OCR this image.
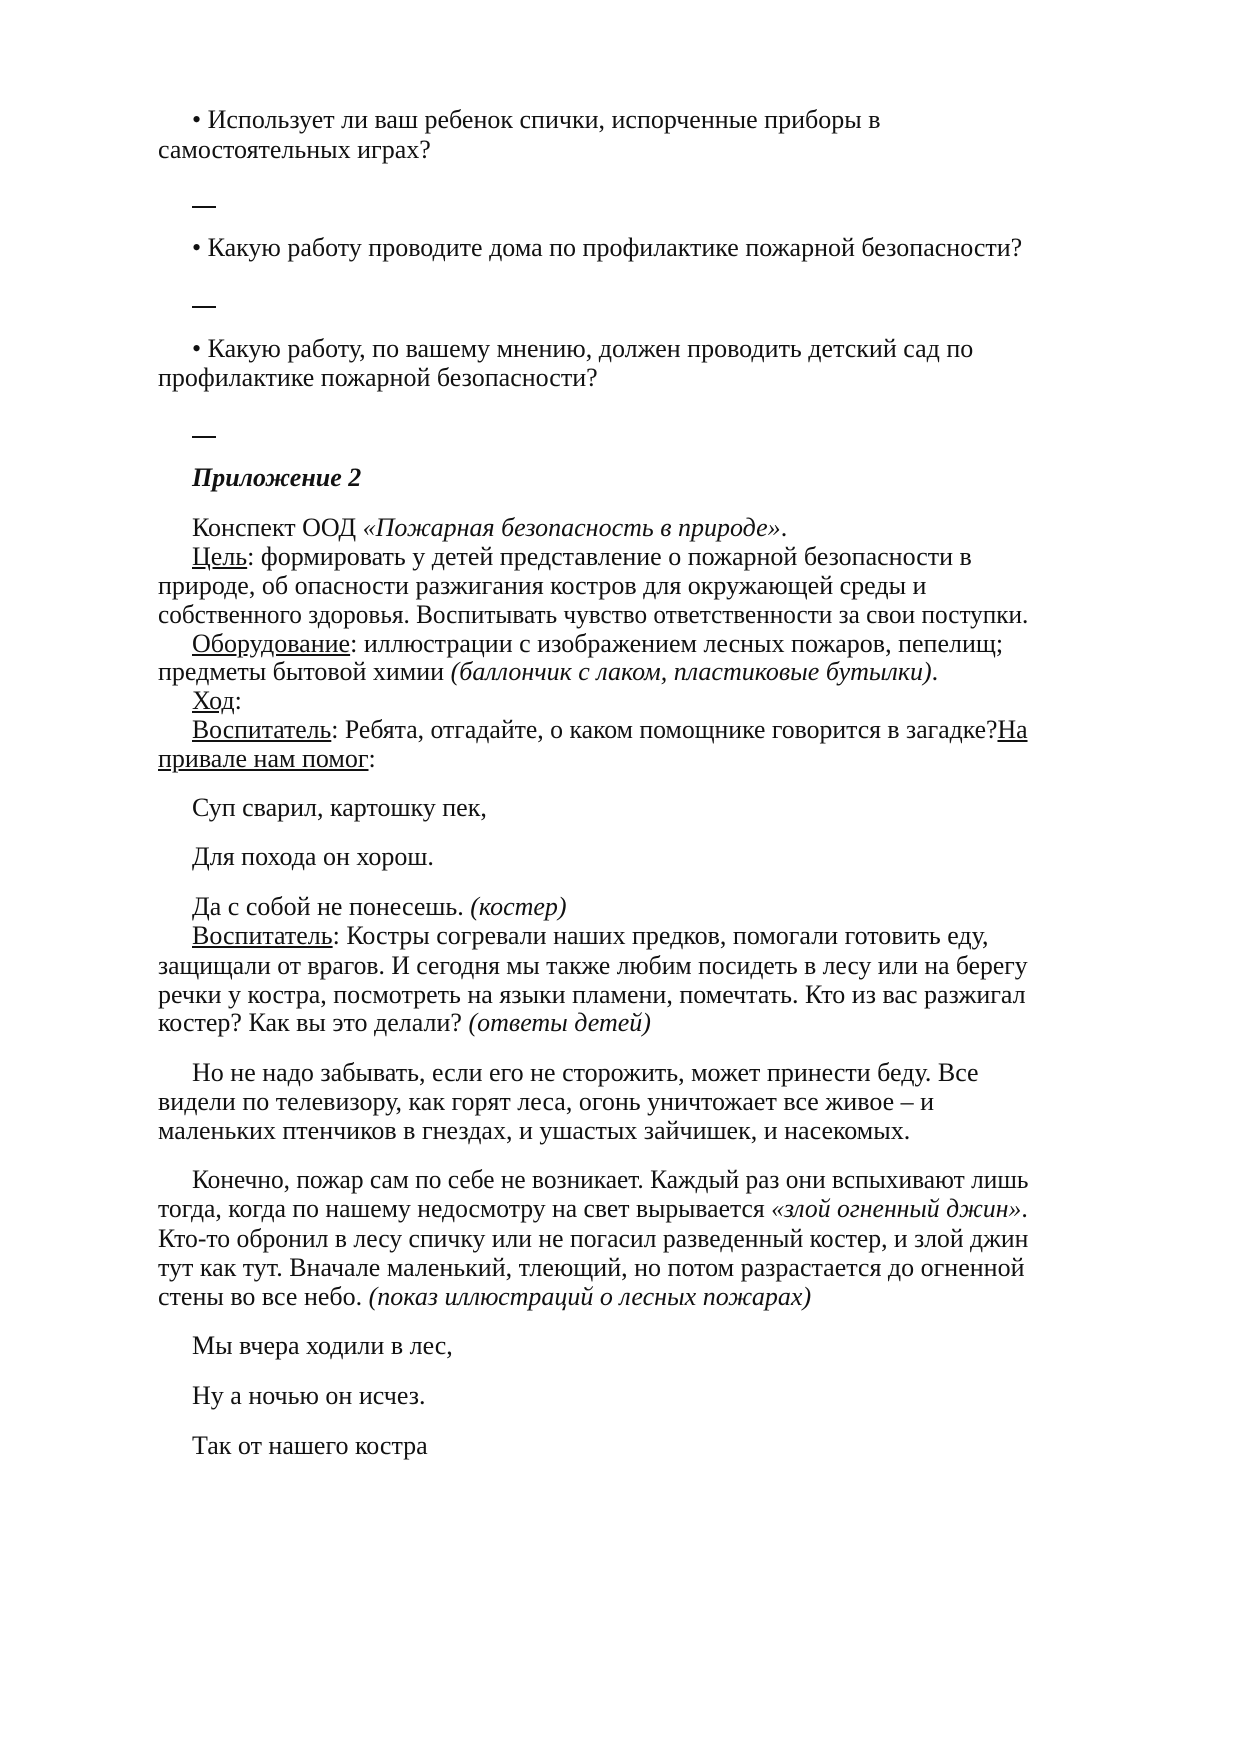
• Использует ли ваш ребенок спички, испорченные приборы в
самостоятельных играх?
• Какую работу проводите дома по профилактике пожарной безопасности?
• Какую работу, по вашему мнению, должен проводить детский сад по
профилактике пожарной безопасности?
Приложение 2
Конспект ООД «Пожарная безопасность в природе».
Цель: формировать у детей представление о пожарной безопасности в
природе, об опасности разжигания костров для окружающей среды и
собственного здоровья. Воспитывать чувство ответственности за свои поступки.
Оборудование: иллюстрации с изображением лесных пожаров, пепелищ;
предметы бытовой химии (баллончик с лаком, пластиковые бутылки).
Ход:
Воспитатель: Ребята, отгадайте, о каком помощнике говорится в загадке?На
привале нам помог:
Суп сварил, картошку пек,
Для похода он хорош.
Да с собой не понесешь. (костер)
Воспитатель: Костры согревали наших предков, помогали готовить еду,
защищали от врагов. И сегодня мы также любим посидеть в лесу или на берегу
речки у костра, посмотреть на языки пламени, помечтать. Кто из вас разжигал
костер? Как вы это делали? (ответы детей)
Но не надо забывать, если его не сторожить, может принести беду. Все
видели по телевизору, как горят леса, огонь уничтожает все живое – и
маленьких птенчиков в гнездах, и ушастых зайчишек, и насекомых.
Конечно, пожар сам по себе не возникает. Каждый раз они вспыхивают лишь
тогда, когда по нашему недосмотру на свет вырывается «злой огненный джин».
Кто-то обронил в лесу спичку или не погасил разведенный костер, и злой джин
тут как тут. Вначале маленький, тлеющий, но потом разрастается до огненной
стены во все небо. (показ иллюстраций о лесных пожарах)
Мы вчера ходили в лес,
Ну а ночью он исчез.
Так от нашего костра
